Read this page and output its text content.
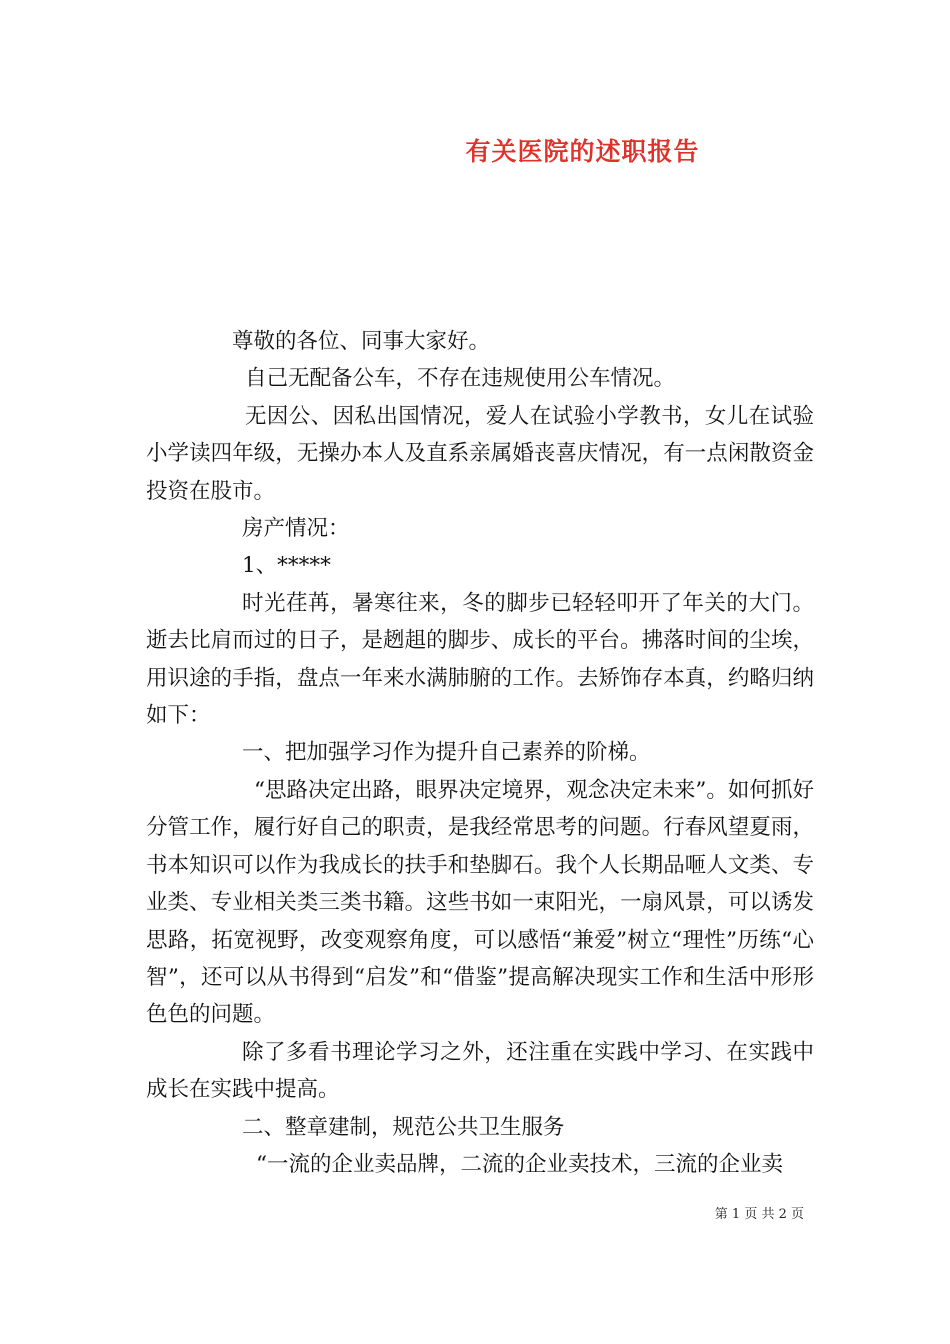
有关医院的述职报告

尊敬的各位、同事大家好。

自己无配备公车，不存在违规使用公车情况。

无因公、因私出国情况，爱人在试验小学教书，女儿在试验小学读四年级，无操办本人及直系亲属婚丧喜庆情况，有一点闲散资金投资在股市。

房产情况：

1、*****

时光荏苒，暑寒往来，冬的脚步已轻轻叩开了年关的大门。逝去比肩而过的日子，是趔趄的脚步、成长的平台。拂落时间的尘埃，用识途的手指，盘点一年来水满肺腑的工作。去矫饰存本真，约略归纳如下：

一、把加强学习作为提升自己素养的阶梯。

“思路决定出路，眼界决定境界，观念决定未来”。如何抓好分管工作，履行好自己的职责，是我经常思考的问题。行春风望夏雨，书本知识可以作为我成长的扶手和垫脚石。我个人长期品咂人文类、专业类、专业相关类三类书籍。这些书如一束阳光，一扇风景，可以诱发思路，拓宽视野，改变观察角度，可以感悟“兼爱”树立“理性”历练“心智”，还可以从书得到“启发”和“借鉴”提高解决现实工作和生活中形形色色的问题。

除了多看书理论学习之外，还注重在实践中学习、在实践中成长在实践中提高。

二、整章建制，规范公共卫生服务

“一流的企业卖品牌，二流的企业卖技术，三流的企业卖

第 1 页 共 2 页
